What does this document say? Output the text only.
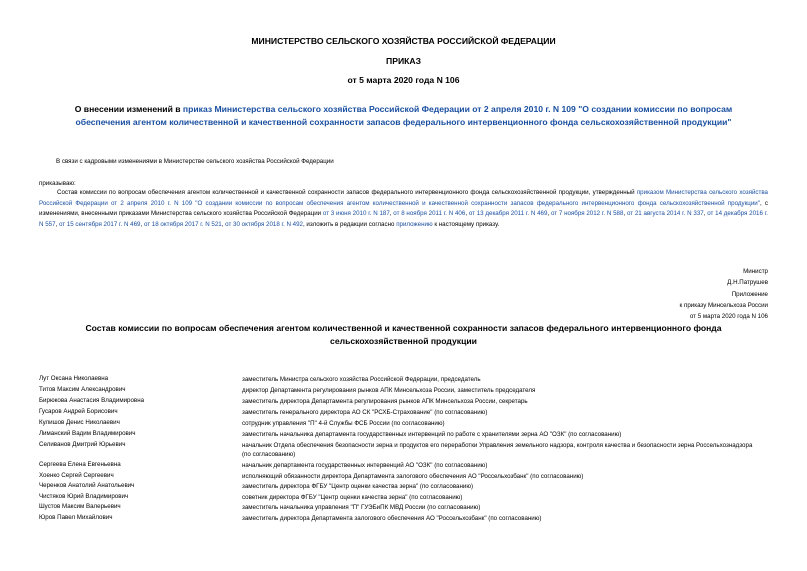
МИНИСТЕРСТВО СЕЛЬСКОГО ХОЗЯЙСТВА РОССИЙСКОЙ ФЕДЕРАЦИИ
ПРИКАЗ
от 5 марта 2020 года N 106
О внесении изменений в приказ Министерства сельского хозяйства Российской Федерации от 2 апреля 2010 г. N 109 "О создании комиссии по вопросам обеспечения агентом количественной и качественной сохранности запасов федерального интервенционного фонда сельскохозяйственной продукции"
В связи с кадровыми изменениями в Министерстве сельского хозяйства Российской Федерации
приказываю:
Состав комиссии по вопросам обеспечения агентом количественной и качественной сохранности запасов федерального интервенционного фонда сельскохозяйственной продукции, утвержденный приказом Министерства сельского хозяйства Российской Федерации от 2 апреля 2010 г. N 109 "О создании комиссии по вопросам обеспечения агентом количественной и качественной сохранности запасов федерального интервенционного фонда сельскохозяйственной продукции", с изменениями, внесенными приказами Министерства сельского хозяйства Российской Федерации от 3 июня 2010 г. N 187, от 8 ноября 2011 г. N 406, от 13 декабря 2011 г. N 469, от 7 ноября 2012 г. N 588, от 21 августа 2014 г. N 337, от 14 декабря 2016 г. N 557, от 15 сентября 2017 г. N 469, от 18 октября 2017 г. N 521, от 30 октября 2018 г. N 492, изложить в редакции согласно приложению к настоящему приказу.
Министр
Д.Н.Патрушев
Приложение
к приказу Минсельхоза России
от 5 марта 2020 года N 106
Состав комиссии по вопросам обеспечения агентом количественной и качественной сохранности запасов федерального интервенционного фонда сельскохозяйственной продукции
Лут Оксана Николаевна	заместитель Министра сельского хозяйства Российской Федерации, председатель
Титов Максим Александрович	директор Департамента регулирования рынков АПК Минсельхоза России, заместитель председателя
Бирюкова Анастасия Владимировна	заместитель директора Департамента регулирования рынков АПК Минсельхоза России, секретарь
Гусаров Андрей Борисович	заместитель генерального директора АО СК "РСХБ-Страхование" (по согласованию)
Кулишов Денис Николаевич	сотрудник управления "П" 4-й Службы ФСБ России (по согласованию)
Лиманский Вадим Владимирович	заместитель начальника департамента государственных интервенций по работе с хранителями зерна АО "ОЗК" (по согласованию)
Селиванов Дмитрий Юрьевич	начальник Отдела обеспечения безопасности зерна и продуктов его переработки Управления земельного надзора, контроля качества и безопасности зерна Россельхознадзора (по согласованию)
Сергеева Елена Евгеньевна	начальник департамента государственных интервенций АО "ОЗК" (по согласованию)
Хоенко Сергей Сергеевич	исполняющий обязанности директора Департамента залогового обеспечения АО "Россельхозбанк" (по согласованию)
Черенков Анатолий Анатольевич	заместитель директора ФГБУ "Центр оценки качества зерна" (по согласованию)
Чистяков Юрий Владимирович	советник директора ФГБУ "Центр оценки качества зерна" (по согласованию)
Шустов Максим Валерьевич	заместитель начальника управления "П" ГУЭБиПК МВД России (по согласованию)
Юров Павел Михайлович	заместитель директора Департамента залогового обеспечения АО "Россельхозбанк" (по согласованию)
